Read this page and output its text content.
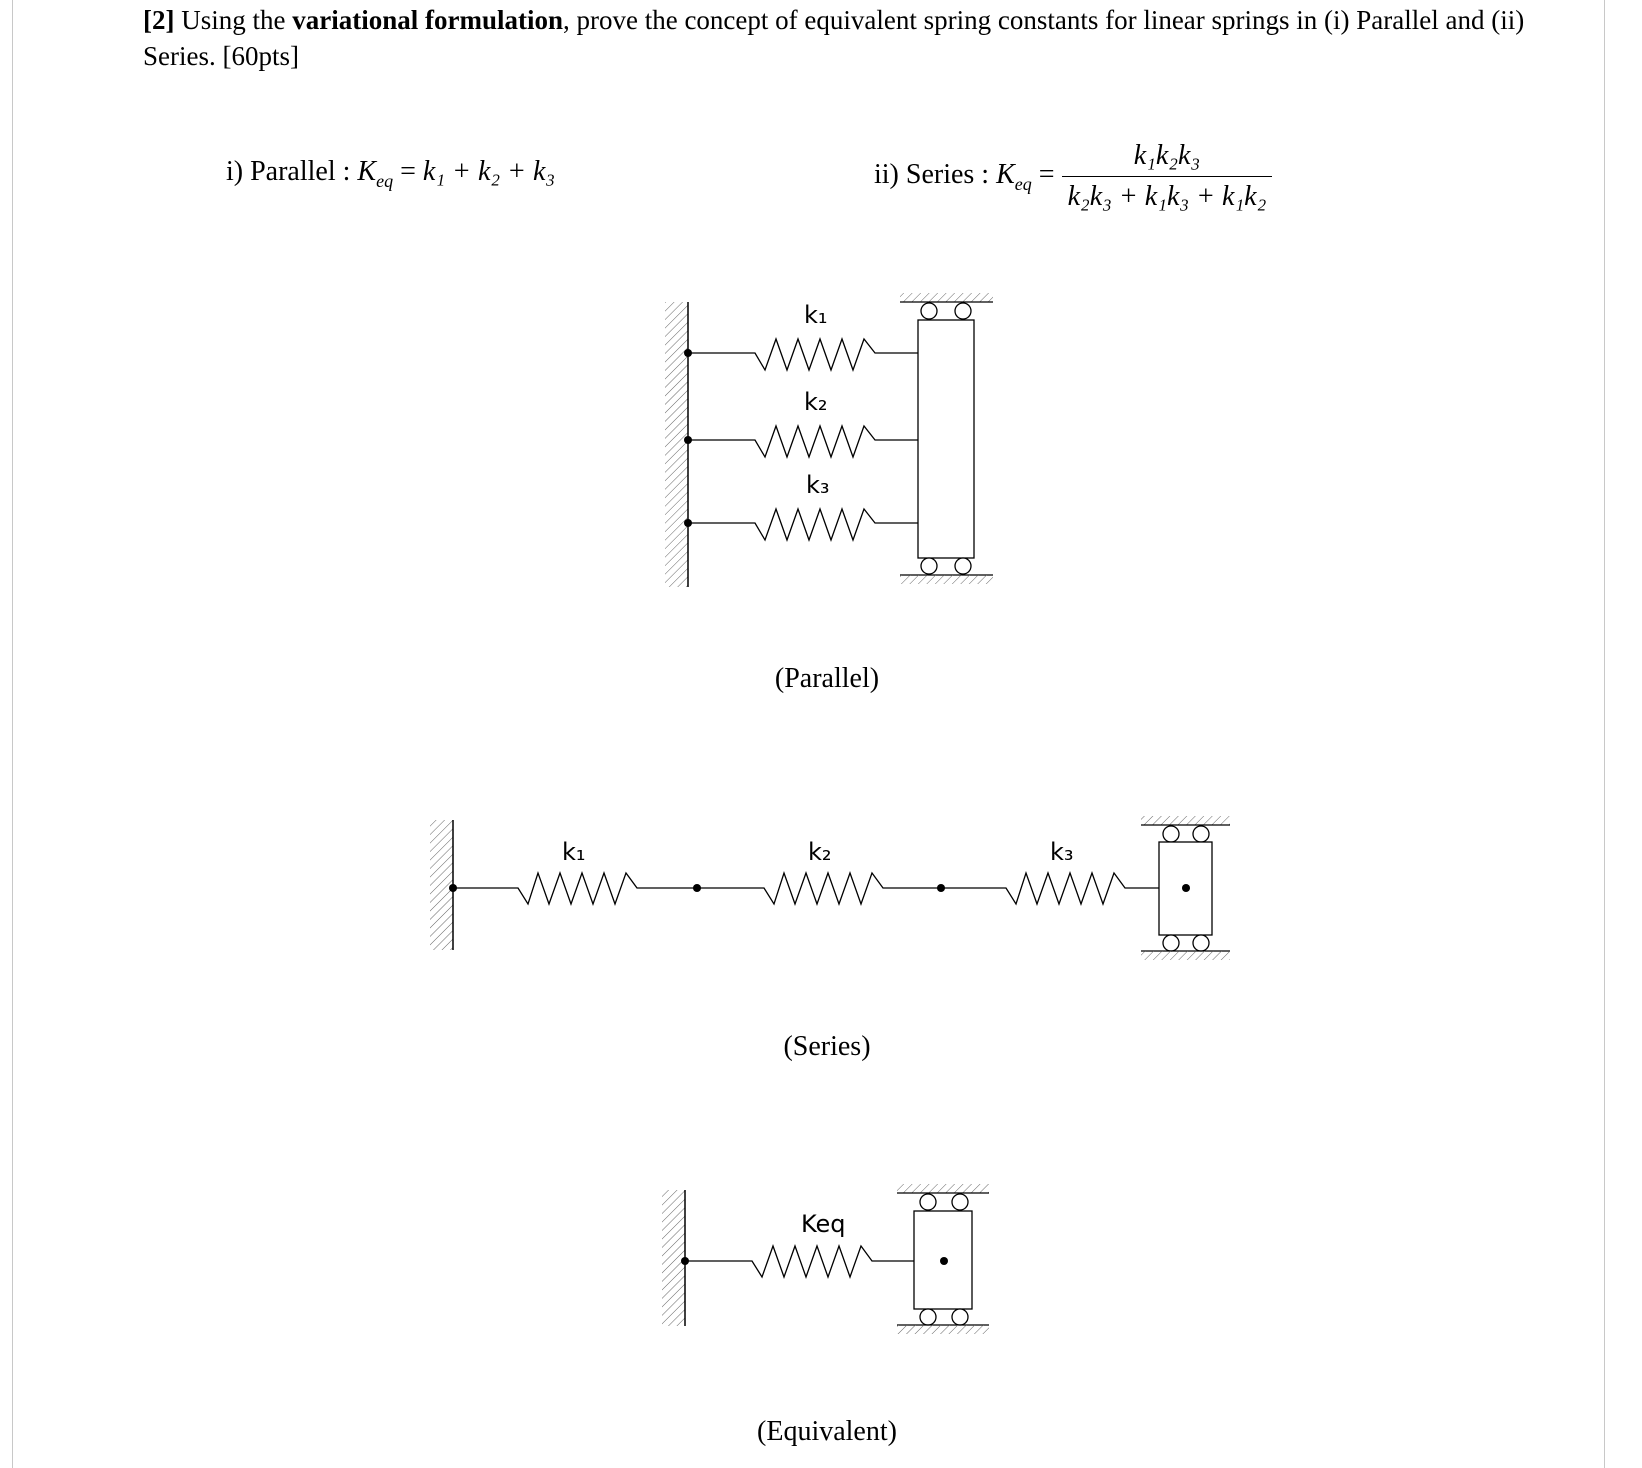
[2] Using the variational formulation, prove the concept of equivalent spring constants for linear springs in (i) Parallel and (ii) Series. [60pts]

i) Parallel : $K_{eq} = k_1 + k_2 + k_3$	ii) Series : $K_{eq} = \frac{\text{k₁k₂k₃}}{\text{k₂k₃ + k₁k₃ + k₁k₂}}$
k₁
k₂
k₃
k₁	k₂	k₃
Keq
(Parallel)
(Series)
(Equivalent)
